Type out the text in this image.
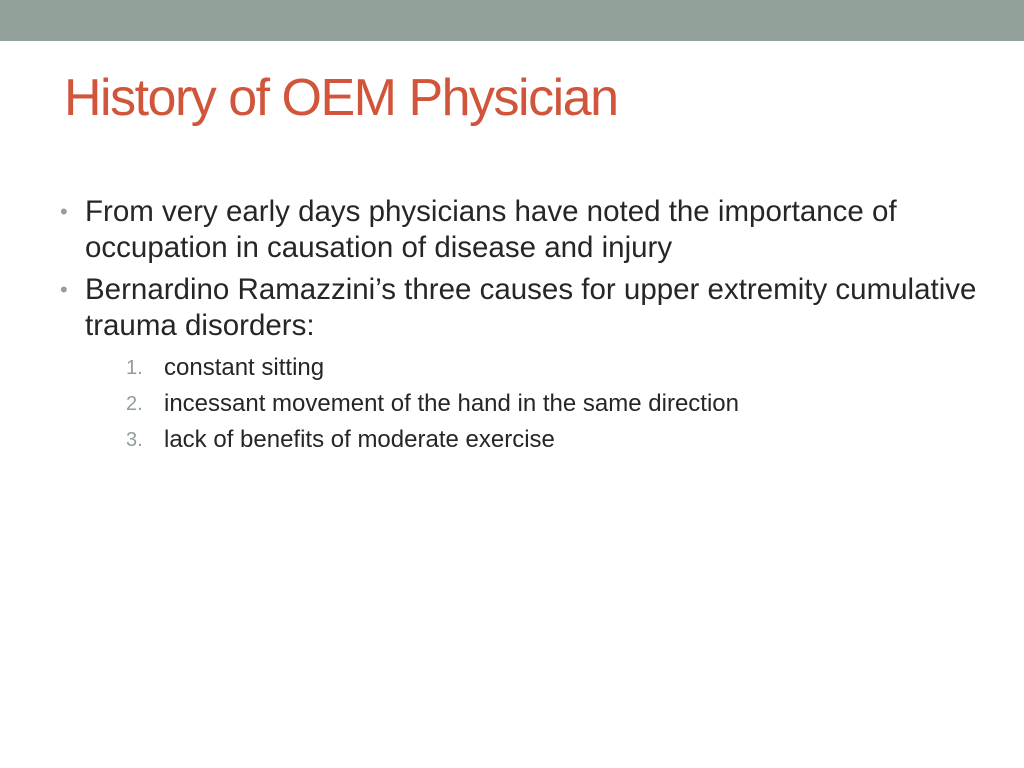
History of OEM Physician
• From very early days physicians have noted the importance of occupation in causation of disease and injury
• Bernardino Ramazzini’s three causes for upper extremity cumulative trauma disorders:
1. constant sitting
2. incessant movement of the hand in the same direction
3. lack of benefits of moderate exercise
